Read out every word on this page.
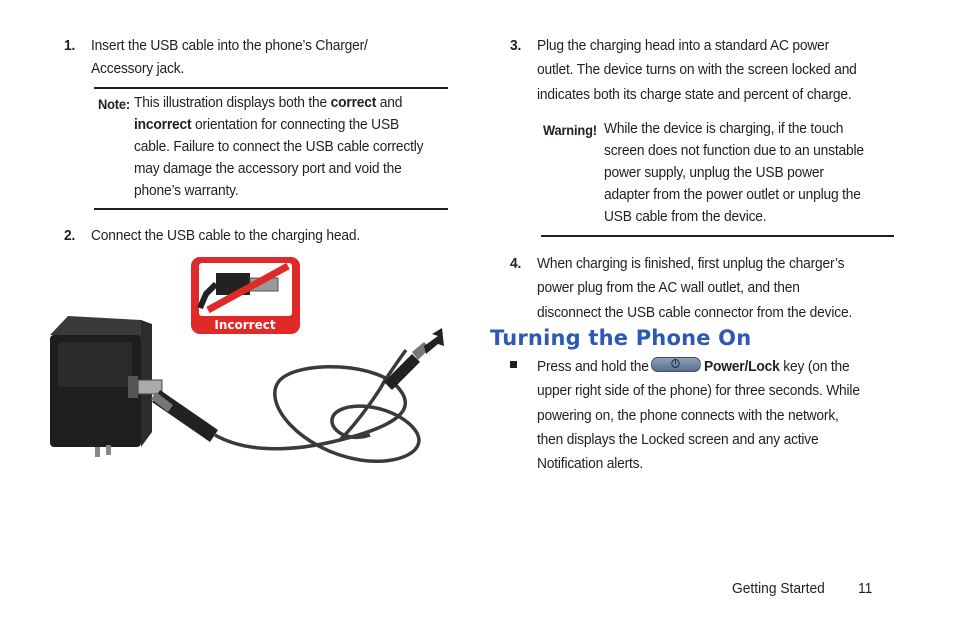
1. Insert the USB cable into the phone’s Charger/
Accessory jack.
Note: This illustration displays both the correct and
incorrect orientation for connecting the USB
cable. Failure to connect the USB cable correctly
may damage the accessory port and void the
phone’s warranty.
2. Connect the USB cable to the charging head.
Incorrect
3. Plug the charging head into a standard AC power
outlet. The device turns on with the screen locked and
indicates both its charge state and percent of charge.
Warning! While the device is charging, if the touch
screen does not function due to an unstable
power supply, unplug the USB power
adapter from the power outlet or unplug the
USB cable from the device.
4. When charging is finished, first unplug the charger’s
power plug from the AC wall outlet, and then
disconnect the USB cable connector from the device.
Turning the Phone On
Press and hold the	Power/Lock key (on the
upper right side of the phone) for three seconds. While
powering on, the phone connects with the network,
then displays the Locked screen and any active
Notification alerts.
Getting Started 11
